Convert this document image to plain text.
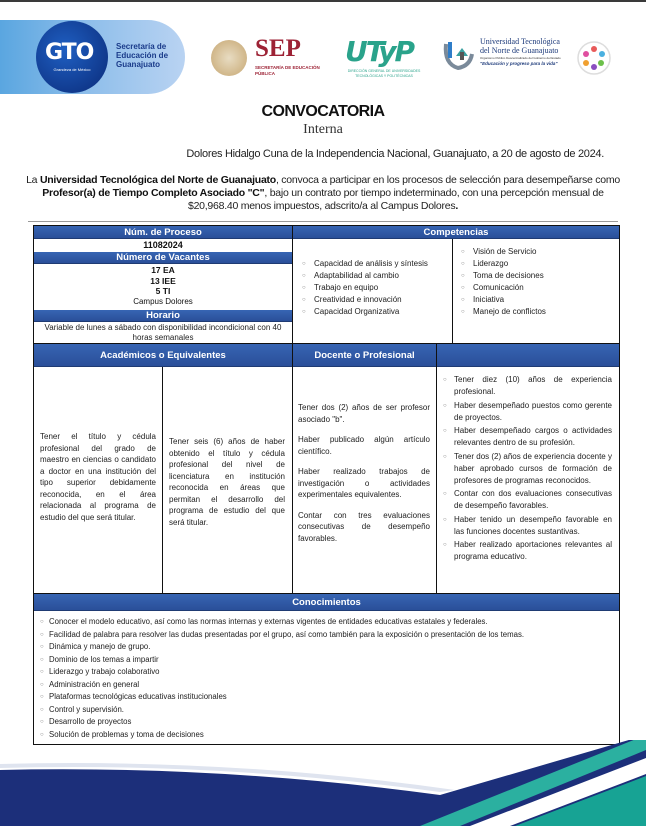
GTO
Grandeza de México
Secretaría de Educación de Guanajuato
SEP
SECRETARÍA DE EDUCACIÓN PÚBLICA
UTyP
DIRECCIÓN GENERAL DE UNIVERSIDADES TECNOLÓGICAS Y POLITÉCNICAS
Universidad Tecnológica del Norte de Guanajuato
Organismo Público Descentralizado del Gobierno del Estado
"Educación y progreso para la vida"
CONVOCATORIA
Interna
Dolores Hidalgo Cuna de la Independencia Nacional, Guanajuato, a 20 de agosto de 2024.
La Universidad Tecnológica del Norte de Guanajuato, convoca a participar en los procesos de selección para desempeñarse como Profesor(a) de Tiempo Completo Asociado "C", bajo un contrato por tiempo indeterminado, con una percepción mensual de $20,968.40 menos impuestos, adscrito/a al Campus Dolores.
Núm. de Proceso
11082024
Número de Vacantes
17 EA
13 IEE
5 TI
Campus Dolores
Horario
Variable de lunes a sábado con disponibilidad incondicional con 40 horas semanales
Competencias
○ Capacidad de análisis y síntesis
○ Adaptabilidad al cambio
○ Trabajo en equipo
○ Creatividad e innovación
○ Capacidad Organizativa
○ Visión de Servicio
○ Liderazgo
○ Toma de decisiones
○ Comunicación
○ Iniciativa
○ Manejo de conflictos
Académicos o Equivalentes	Docente o Profesional
Tener el título y cédula profesional del grado de maestro en ciencias o candidato a doctor en una institución del tipo superior debidamente reconocida, en el área relacionada al programa de estudio del que será titular.
Tener seis (6) años de haber obtenido el título y cédula profesional del nivel de licenciatura en institución reconocida en áreas que permitan el desarrollo del programa de estudio del que será titular.

Tener dos (2) años de ser profesor asociado "b".

Haber publicado algún artículo científico.

Haber realizado trabajos de investigación o actividades experimentales equivalentes.

Contar con tres evaluaciones consecutivas de desempeño favorables.

○ Tener diez (10) años de experiencia profesional.
○ Haber desempeñado puestos como gerente de proyectos.
○ Haber desempeñado cargos o actividades relevantes dentro de su profesión.
○ Tener dos (2) años de experiencia docente y haber aprobado cursos de formación de profesores de programas reconocidos.
○ Contar con dos evaluaciones consecutivas de desempeño favorables.
○ Haber tenido un desempeño favorable en las funciones docentes sustantivas.
○ Haber realizado aportaciones relevantes al programa educativo.
Conocimientos
○ Conocer el modelo educativo, así como las normas internas y externas vigentes de entidades educativas estatales y federales.
○ Facilidad de palabra para resolver las dudas presentadas por el grupo, así como también para la exposición o presentación de los temas.
○ Dinámica y manejo de grupo.
○ Dominio de los temas a impartir
○ Liderazgo y trabajo colaborativo
○ Administración en general
○ Plataformas tecnológicas educativas institucionales
○ Control y supervisión.
○ Desarrollo de proyectos
○ Solución de problemas y toma de decisiones
